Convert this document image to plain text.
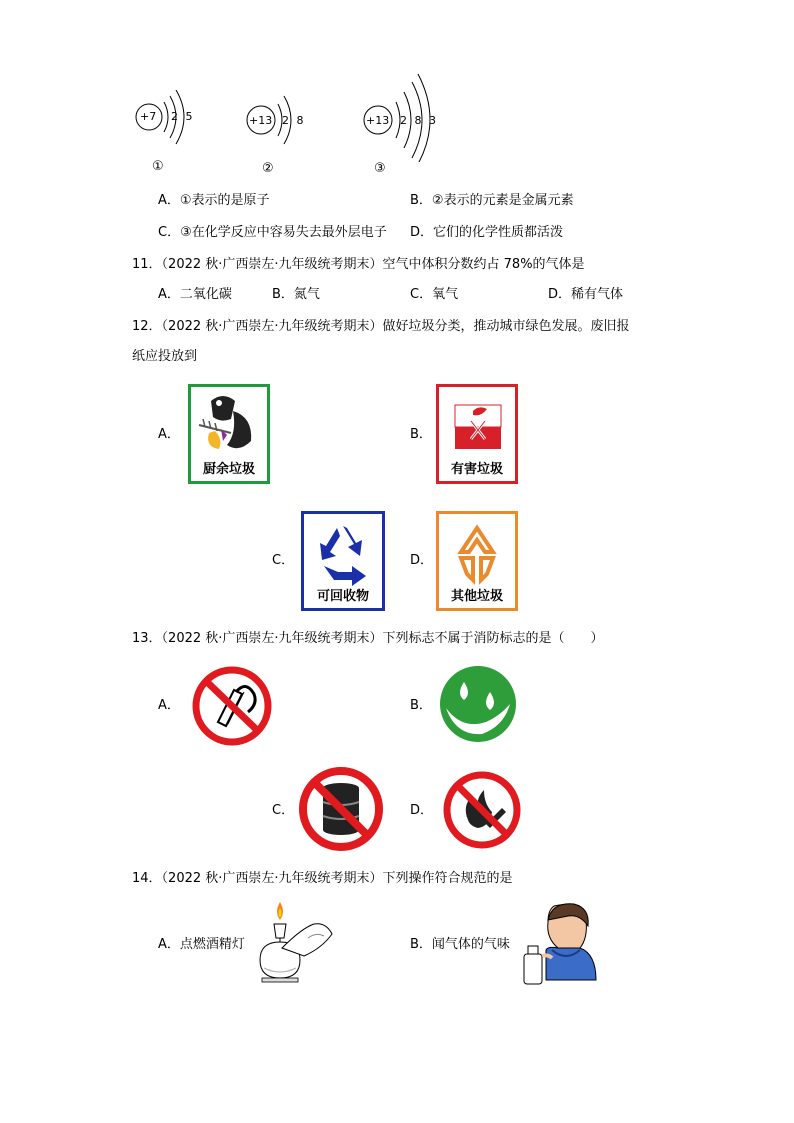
+7 2 5
①
+13 2 8
②
+13 2 8 3
③
A．①表示的是原子	B．②表示的元素是金属元素
C．③在化学反应中容易失去最外层电子 D．它们的化学性质都活泼
11．（2022 秋·广西崇左·九年级统考期末）空气中体积分数约占 78%的气体是
A．二氧化碳	B．氮气	C．氧气	D．稀有气体
12．（2022 秋·广西崇左·九年级统考期末）做好垃圾分类，推动城市绿色发展。废旧报
纸应投放到
A．
厨余垃圾
B．
有害垃圾
C．
可回收物
D．
其他垃圾
13．（2022 秋·广西崇左·九年级统考期末）下列标志不属于消防标志的是（　　）
A．	B．
C．	D．
14．（2022 秋·广西崇左·九年级统考期末）下列操作符合规范的是
A．点燃酒精灯	B．闻气体的气味
